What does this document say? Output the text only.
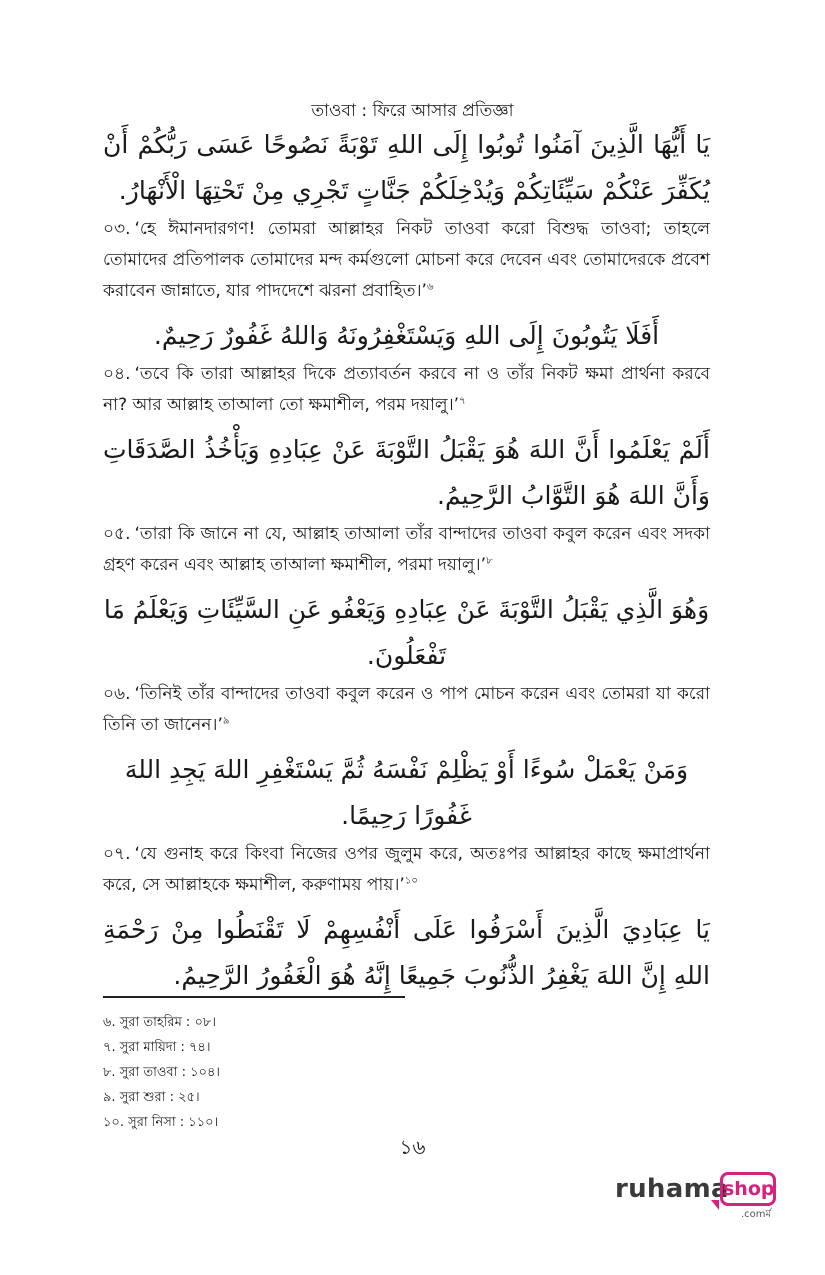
তাওবা : ফিরে আসার প্রতিজ্ঞা

يَا أَيُّهَا الَّذِينَ آمَنُوا تُوبُوا إِلَى اللهِ تَوْبَةً نَصُوحًا عَسَى رَبُّكُمْ أَنْ يُكَفِّرَ عَنْكُمْ سَيِّئَاتِكُمْ وَيُدْخِلَكُمْ جَنَّاتٍ تَجْرِي مِنْ تَحْتِهَا الْأَنْهَارُ.

০৩. ‘হে ঈমানদারগণ! তোমরা আল্লাহর নিকট তাওবা করো বিশুদ্ধ তাওবা; তাহলে তোমাদের প্রতিপালক তোমাদের মন্দ কর্মগুলো মোচনা করে দেবেন এবং তোমাদেরকে প্রবেশ করাবেন জান্নাতে, যার পাদদেশে ঝরনা প্রবাহিত।’$^৬$

أَفَلَا يَتُوبُونَ إِلَى اللهِ وَيَسْتَغْفِرُونَهُ وَاللهُ غَفُورٌ رَحِيمٌ.

০৪. ‘তবে কি তারা আল্লাহর দিকে প্রত্যাবর্তন করবে না ও তাঁর নিকট ক্ষমা প্রার্থনা করবে না? আর আল্লাহ তাআলা তো ক্ষমাশীল, পরম দয়ালু।’$^৭$

أَلَمْ يَعْلَمُوا أَنَّ اللهَ هُوَ يَقْبَلُ التَّوْبَةَ عَنْ عِبَادِهِ وَيَأْخُذُ الصَّدَقَاتِ وَأَنَّ اللهَ هُوَ التَّوَّابُ الرَّحِيمُ.

০৫. ‘তারা কি জানে না যে, আল্লাহ তাআলা তাঁর বান্দাদের তাওবা কবুল করেন এবং সদকা গ্রহণ করেন এবং আল্লাহ তাআলা ক্ষমাশীল, পরমা দয়ালু।’$^৮$

وَهُوَ الَّذِي يَقْبَلُ التَّوْبَةَ عَنْ عِبَادِهِ وَيَعْفُو عَنِ السَّيِّئَاتِ وَيَعْلَمُ مَا تَفْعَلُونَ.

০৬. ‘তিনিই তাঁর বান্দাদের তাওবা কবুল করেন ও পাপ মোচন করেন এবং তোমরা যা করো তিনি তা জানেন।’$^৯$

وَمَنْ يَعْمَلْ سُوءًا أَوْ يَظْلِمْ نَفْسَهُ ثُمَّ يَسْتَغْفِرِ اللهَ يَجِدِ اللهَ غَفُورًا رَحِيمًا.

০৭. ‘যে গুনাহ করে কিংবা নিজের ওপর জুলুম করে, অতঃপর আল্লাহর কাছে ক্ষমাপ্রার্থনা করে, সে আল্লাহকে ক্ষমাশীল, করুণাময় পায়।’$^{১০}$

يَا عِبَادِيَ الَّذِينَ أَسْرَفُوا عَلَى أَنْفُسِهِمْ لَا تَقْنَطُوا مِنْ رَحْمَةِ اللهِ إِنَّ اللهَ يَغْفِرُ الذُّنُوبَ جَمِيعًا إِنَّهُ هُوَ الْغَفُورُ الرَّحِيمُ.

৬. সুরা তাহরিম : ০৮।

৭. সুরা মায়িদা : ৭৪।

৮. সুরা তাওবা : ১০৪।

৯. সুরা শুরা : ২৫।

১০. সুরা নিসা : ১১০।

১৬
ruhama
shop
.comর্ম
